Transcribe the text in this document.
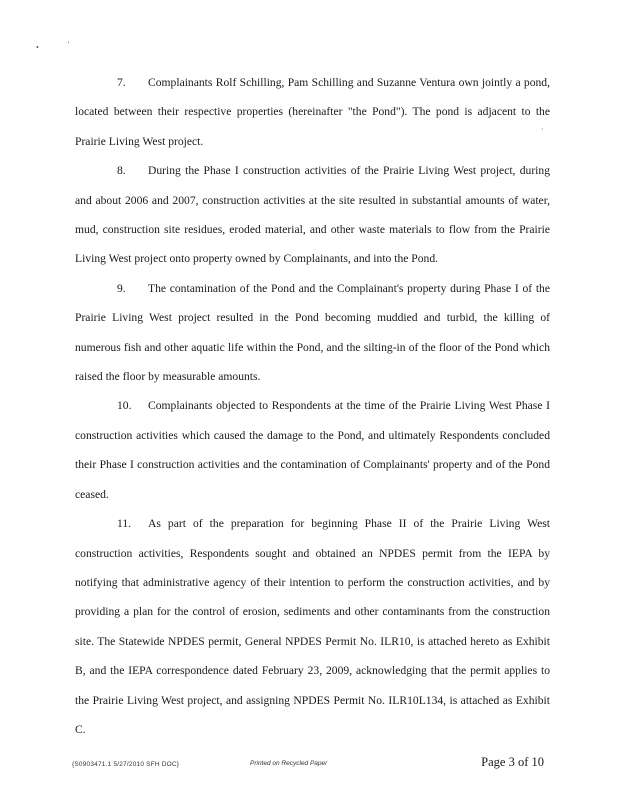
•	'
·

7. Complainants Rolf Schilling, Pam Schilling and Suzanne Ventura own jointly a pond, located between their respective properties (hereinafter "the Pond"). The pond is adjacent to the Prairie Living West project.

8. During the Phase I construction activities of the Prairie Living West project, during and about 2006 and 2007, construction activities at the site resulted in substantial amounts of water, mud, construction site residues, eroded material, and other waste materials to flow from the Prairie Living West project onto property owned by Complainants, and into the Pond.

9. The contamination of the Pond and the Complainant's property during Phase I of the Prairie Living West project resulted in the Pond becoming muddied and turbid, the killing of numerous fish and other aquatic life within the Pond, and the silting-in of the floor of the Pond which raised the floor by measurable amounts.

10. Complainants objected to Respondents at the time of the Prairie Living West Phase I construction activities which caused the damage to the Pond, and ultimately Respondents concluded their Phase I construction activities and the contamination of Complainants' property and of the Pond ceased.

11. As part of the preparation for beginning Phase II of the Prairie Living West construction activities, Respondents sought and obtained an NPDES permit from the IEPA by notifying that administrative agency of their intention to perform the construction activities, and by providing a plan for the control of erosion, sediments and other contaminants from the construction site. The Statewide NPDES permit, General NPDES Permit No. ILR10, is attached hereto as Exhibit B, and the IEPA correspondence dated February 23, 2009, acknowledging that the permit applies to the Prairie Living West project, and assigning NPDES Permit No. ILR10L134, is attached as Exhibit C.

{S0903471.1 5/27/2010 SFH DOC}	Printed on Recycled Paper	Page 3 of 10
